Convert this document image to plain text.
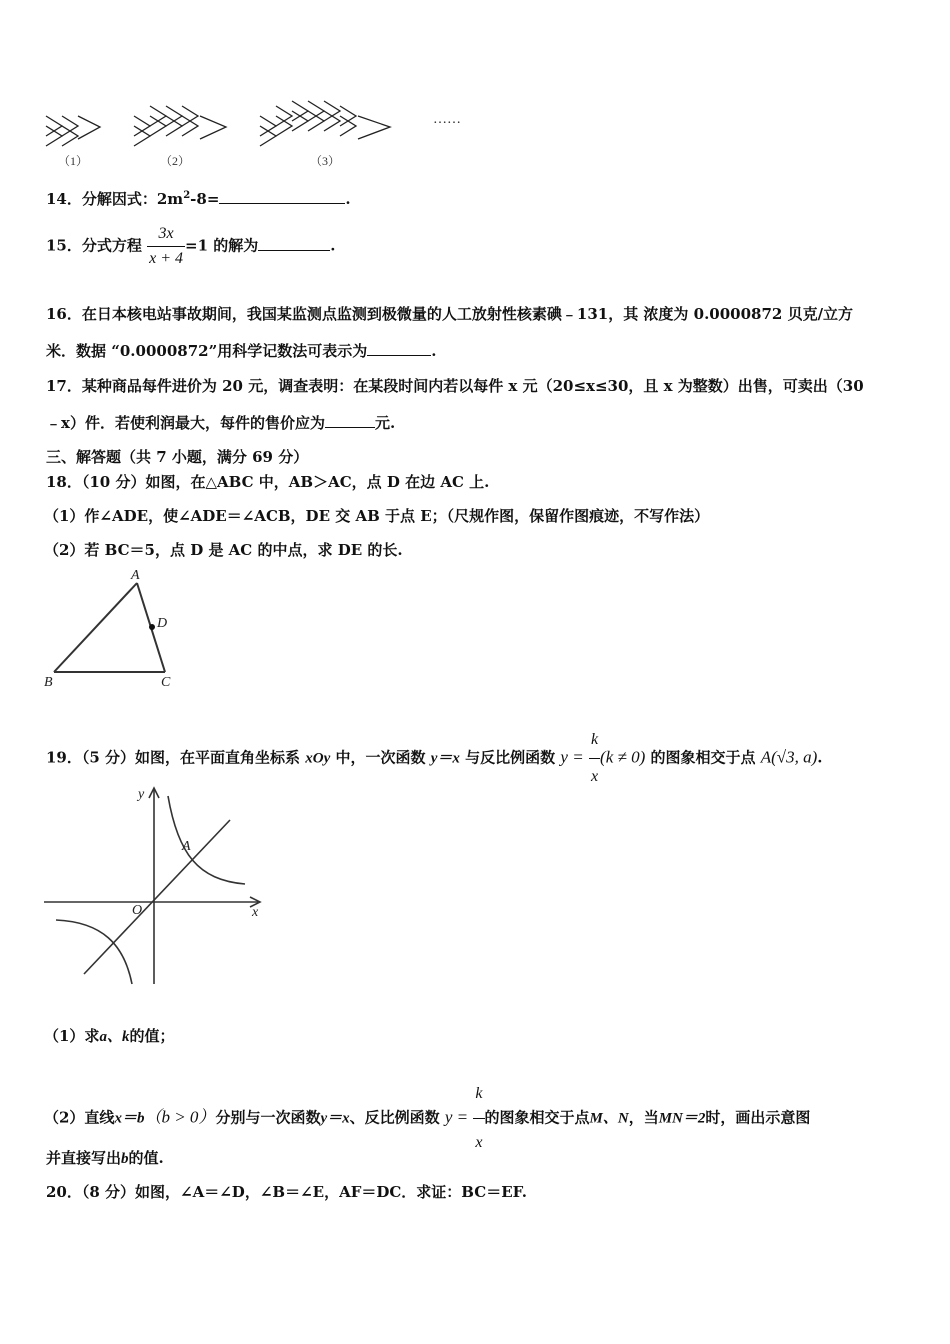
（1）	（2）	（3）
……
14．分解因式：$2m^2-8=$	.
15．分式方程 $\frac{3x}{x + 4} =1$ 的解为	.
16．在日本核电站事故期间，我国某监测点监测到极微量的人工放射性核素碘﹣131，其 浓度为 0.0000872 贝克/立方
米．数据 “0.0000872”用科学记数法可表示为	.
17．某种商品每件进价为 20 元，调查表明：在某段时间内若以每件 x 元（20≤x≤30，且 x 为整数）出售，可卖出（30
﹣x）件．若使利润最大，每件的售价应为	元.
三、解答题（共 7 小题，满分 69 分）
18．（10 分）如图，在△ABC 中，AB＞AC，点 D 在边 AC 上.
（1）作∠ADE，使∠ADE＝∠ACB，DE 交 AB 于点 E；（尺规作图，保留作图痕迹，不写作法）
（2）若 BC＝5，点 D 是 AC 的中点，求 DE 的长.
A
B	C
D
19．（5 分）如图，在平面直角坐标系 xOy 中，一次函数 y＝x 与反比例函数 $y = \frac{k}{x} (k \ne 0)$ 的图象相交于点 A(√3, a).
y
x
O
A
（1）求a、k的值；
（2）直线x＝b（b > 0）分别与一次函数y＝x、反比例函数 $y = \frac{k}{x}$ 的图象相交于点M、N，当MN＝2时，画出示意图
并直接写出b的值.
20．（8 分）如图，∠A＝∠D，∠B＝∠E，AF＝DC．求证：BC＝EF.
